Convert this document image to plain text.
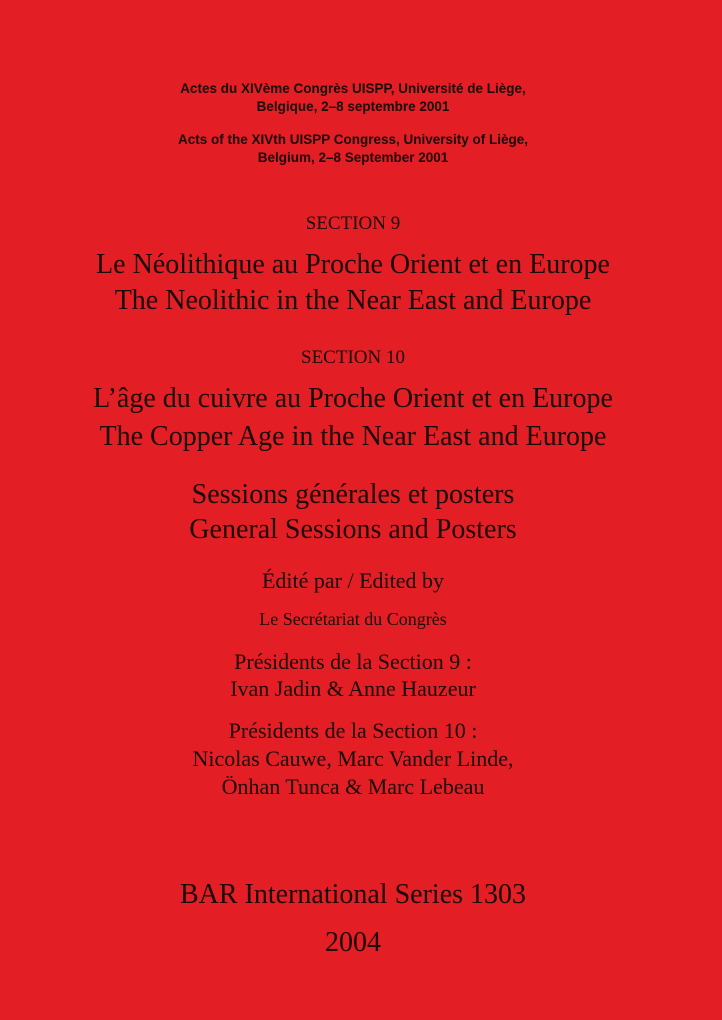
Actes du XIVème Congrès UISPP, Université de Liège,

Belgique, 2–8 septembre 2001

Acts of the XIVth UISPP Congress, University of Liège,

Belgium, 2–8 September 2001

SECTION 9

Le Néolithique au Proche Orient et en Europe

The Neolithic in the Near East and Europe

SECTION 10

L’âge du cuivre au Proche Orient et en Europe

The Copper Age in the Near East and Europe

Sessions générales et posters

General Sessions and Posters

Édité par / Edited by

Le Secrétariat du Congrès

Présidents de la Section 9 :

Ivan Jadin & Anne Hauzeur

Présidents de la Section 10 :

Nicolas Cauwe, Marc Vander Linde,

Önhan Tunca & Marc Lebeau

BAR International Series 1303

2004
